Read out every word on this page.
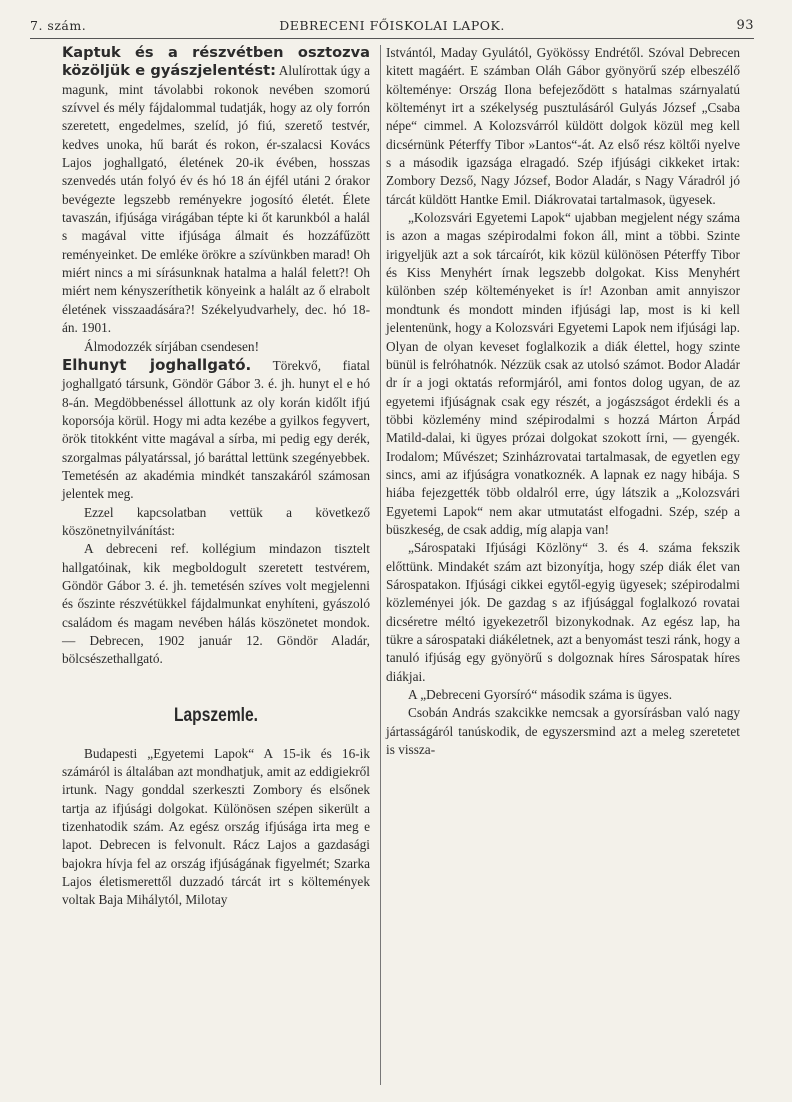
7. szám.	DEBRECENI FŐISKOLAI LAPOK.	93

Kaptuk és a részvétben osztozva közöljük e gyászjelentést: Alulírottak úgy a magunk, mint távolabbi rokonok nevében szomorú szívvel és mély fájdalommal tudatják, hogy az oly forrón szeretett, engedelmes, szelíd, jó fiú, szerető testvér, kedves unoka, hű barát és rokon, ér-szalacsi Kovács Lajos joghallgató, életének 20-ik évében, hosszas szenvedés után folyó év és hó 18 án éjfél utáni 2 órakor bevégezte legszebb reményekre jogosító életét. Élete tavaszán, ifjúsága virágában tépte ki őt karunkból a halál s magával vitte ifjúsága álmait és hozzáfűzött reményeinket. De emléke örökre a szívünkben marad! Oh miért nincs a mi sírásunknak hatalma a halál felett?! Oh miért nem kényszeríthetik könyeink a halált az ő elrabolt életének visszaadására?! Székelyudvarhely, dec. hó 18-án. 1901.

Álmodozzék sírjában csendesen!

Elhunyt joghallgató. Törekvő, fiatal joghallgató társunk, Göndör Gábor 3. é. jh. hunyt el e hó 8-án. Megdöbbenéssel állottunk az oly korán kidőlt ifjú koporsója körül. Hogy mi adta kezébe a gyilkos fegyvert, örök titokként vitte magával a sírba, mi pedig egy derék, szorgalmas pályatárssal, jó baráttal lettünk szegényebbek. Temetésén az akadémia mindkét tanszakáról számosan jelentek meg.

Ezzel kapcsolatban vettük a következő köszönetnyilvánítást:

A debreceni ref. kollégium mindazon tisztelt hallgatóinak, kik megboldogult szeretett testvérem, Göndör Gábor 3. é. jh. temetésén szíves volt megjelenni és őszinte részvétükkel fájdalmunkat enyhíteni, gyászoló családom és magam nevében hálás köszönetet mondok. — Debrecen, 1902 január 12. Göndör Aladár, bölcsészethallgató.

Lapszemle.

Budapesti „Egyetemi Lapok“ A 15-ik és 16-ik számáról is általában azt mondhatjuk, amit az eddigiekről irtunk. Nagy gonddal szerkeszti Zombory és elsőnek tartja az ifjúsági dolgokat. Különösen szépen sikerült a tizenhatodik szám. Az egész ország ifjúsága irta meg e lapot. Debrecen is felvonult. Rácz Lajos a gazdasági bajokra hívja fel az ország ifjúságának figyelmét; Szarka Lajos életismerettől duzzadó tárcát irt s költemények voltak Baja Mihálytól, Milotay

Istvántól, Maday Gyulától, Gyökössy Endrétől. Szóval Debrecen kitett magáért. E számban Oláh Gábor gyönyörű szép elbeszélő költeménye: Ország Ilona befejeződött s hatalmas szárnyalatú költeményt irt a székelység pusztulásáról Gulyás József „Csaba népe“ cimmel. A Kolozsvárról küldött dolgok közül meg kell dicsérnünk Péterffy Tibor »Lantos“-át. Az első rész költői nyelve s a második igazsága elragadó. Szép ifjúsági cikkeket irtak: Zombory Dezső, Nagy József, Bodor Aladár, s Nagy Váradról jó tárcát küldött Hantke Emil. Diákrovatai tartalmasok, ügyesek.

„Kolozsvári Egyetemi Lapok“ ujabban megjelent négy száma is azon a magas szépirodalmi fokon áll, mint a többi. Szinte irigyeljük azt a sok tárcaírót, kik közül különösen Péterffy Tibor és Kiss Menyhért írnak legszebb dolgokat. Kiss Menyhért különben szép költeményeket is ír! Azonban amit annyiszor mondtunk és mondott minden ifjúsági lap, most is ki kell jelentenünk, hogy a Kolozsvári Egyetemi Lapok nem ifjúsági lap. Olyan de olyan keveset foglalkozik a diák élettel, hogy szinte bünül is felróhatnók. Nézzük csak az utolsó számot. Bodor Aladár dr ír a jogi oktatás reformjáról, ami fontos dolog ugyan, de az egyetemi ifjúságnak csak egy részét, a jogászságot érdekli és a többi közlemény mind szépirodalmi s hozzá Márton Árpád Matild-dalai, ki ügyes prózai dolgokat szokott írni, — gyengék. Irodalom; Művészet; Szinházrovatai tartalmasak, de egyetlen egy sincs, ami az ifjúságra vonatkoznék. A lapnak ez nagy hibája. S hiába fejezgették több oldalról erre, úgy látszik a „Kolozsvári Egyetemi Lapok“ nem akar utmutatást elfogadni. Szép, szép a büszkeség, de csak addig, míg alapja van!

„Sárospataki Ifjúsági Közlöny“ 3. és 4. száma fekszik előttünk. Mindakét szám azt bizonyítja, hogy szép diák élet van Sárospatakon. Ifjúsági cikkei egytől-egyig ügyesek; szépirodalmi közleményei jók. De gazdag s az ifjúsággal foglalkozó rovatai dicséretre méltó igyekezetről bizonykodnak. Az egész lap, ha tükre a sárospataki diákéletnek, azt a benyomást teszi ránk, hogy a tanuló ifjúság egy gyönyörű s dolgoznak híres Sárospatak híres diákjai.

A „Debreceni Gyorsíró“ második száma is ügyes.

Csobán András szakcikke nemcsak a gyorsírásban való nagy jártasságáról tanúskodik, de egyszersmind azt a meleg szeretetet is vissza-
